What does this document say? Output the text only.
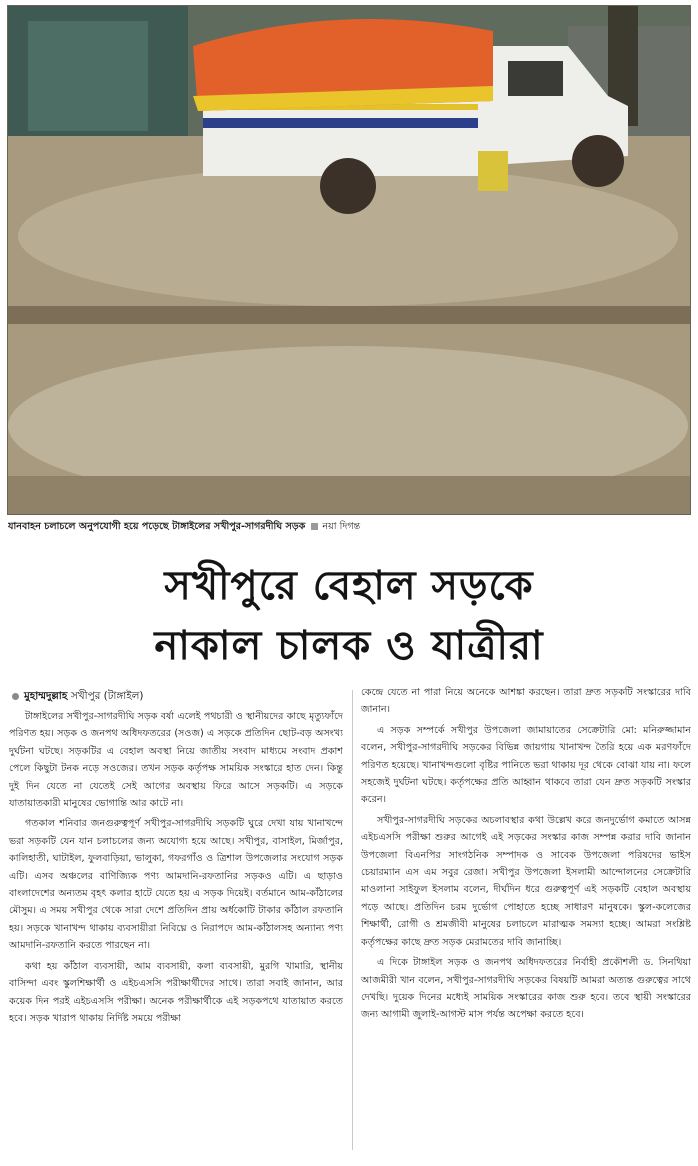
যানবাহন চলাচলে অনুপযোগী হয়ে পড়েছে টাঙ্গাইলের সখীপুর-সাগরদীঘি সড়ক নয়া দিগন্ত
সখীপুরে বেহাল সড়কে
নাকাল চালক ও যাত্রীরা
মুহাম্মদুল্লাহ সখীপুর (টাঙ্গাইল)

টাঙ্গাইলের সখীপুর-সাগরদীঘি সড়ক বর্ষা এলেই পথচারী ও স্থানীয়দের কাছে মৃত্যুফাঁদে পরিণত হয়। সড়ক ও জনপথ অধিদফতরের (সওজ) এ সড়কে প্রতিদিন ছোট-বড় অসংখ্য দুর্ঘটনা ঘটছে। সড়কটির এ বেহাল অবস্থা নিয়ে জাতীয় সংবাদ মাধ্যমে সংবাদ প্রকাশ পেলে কিছুটা টনক নড়ে সওজের। তখন সড়ক কর্তৃপক্ষ সাময়িক সংস্কারে হাত দেন। কিন্তু দুই দিন যেতে না যেতেই সেই আগের অবস্থায় ফিরে আসে সড়কটি। এ সড়কে যাতায়াতকারী মানুষের ভোগান্তি আর কাটে না।

গতকাল শনিবার জনগুরুত্বপূর্ণ সখীপুর-সাগরদীঘি সড়কটি ঘুরে দেখা যায় খানাখন্দে ভরা সড়কটি যেন যান চলাচলের জন্য অযোগ্য হয়ে আছে। সখীপুর, বাসাইল, মির্জাপুর, কালিহাতী, ঘাটাইল, ফুলবাড়িয়া, ভালুকা, গফরগাঁও ও ত্রিশাল উপজেলার সংযোগ সড়ক এটি। এসব অঞ্চলের বাণিজ্যিক পণ্য আমদানি-রফতানির সড়কও এটি। এ ছাড়াও বাংলাদেশের অন্যতম বৃহৎ কলার হাটে যেতে হয় এ সড়ক দিয়েই। বর্তমানে আম-কাঁঠালের মৌসুম। এ সময় সখীপুর থেকে সারা দেশে প্রতিদিন প্রায় অর্ধকোটি টাকার কাঁঠাল রফতানি হয়। সড়কে খানাখন্দ থাকায় ব্যবসায়ীরা নিবিঘ্নে ও নিরাপদে আম-কাঁঠালসহ অন্যান্য পণ্য আমদানি-রফতানি করতে পারছেন না।

কথা হয় কাঁঠাল ব্যবসায়ী, আম ব্যবসায়ী, কলা ব্যবসায়ী, মুরগি খামারি, স্থানীয় বাসিন্দা এবং স্কুলশিক্ষার্থী ও এইচএসসি পরীক্ষার্থীদের সাথে। তারা সবাই জানান, আর কয়েক দিন পরই এইচএসসি পরীক্ষা। অনেক পরীক্ষার্থীকে এই সড়কপথে যাতায়াত করতে হবে। সড়ক খারাপ থাকায় নির্দিষ্ট সময়ে পরীক্ষা

কেন্দ্রে যেতে না পারা নিয়ে অনেকে আশঙ্কা করছেন। তারা দ্রুত সড়কটি সংস্কারের দাবি জানান।

এ সড়ক সম্পর্কে সখীপুর উপজেলা জামায়াতের সেক্রেটারি মো: মনিরুজ্জামান বলেন, সখীপুর-সাগরদীঘি সড়কের বিভিন্ন জায়গায় খানাখন্দ তৈরি হয়ে এক মরণফাঁদে পরিণত হয়েছে। খানাখন্দগুলো বৃষ্টির পানিতে ভরা থাকায় দূর থেকে বোঝা যায় না। ফলে সহজেই দুর্ঘটনা ঘটছে। কর্তৃপক্ষের প্রতি আহ্বান থাকবে তারা যেন দ্রুত সড়কটি সংস্কার করেন।

সখীপুর-সাগরদীঘি সড়কের অচলাবস্থার কথা উল্লেখ করে জনদুর্ভোগ কমাতে আসন্ন এইচএসসি পরীক্ষা শুরুর আগেই এই সড়কের সংস্কার কাজ সম্পন্ন করার দাবি জানান উপজেলা বিএনপির সাংগঠনিক সম্পাদক ও সাবেক উপজেলা পরিষদের ভাইস চেয়ারম্যান এস এম সবুর রেজা। সখীপুর উপজেলা ইসলামী আন্দোলনের সেক্রেটারি মাওলানা সাইফুল ইসলাম বলেন, দীর্ঘদিন ধরে গুরুত্বপূর্ণ এই সড়কটি বেহাল অবস্থায় পড়ে আছে। প্রতিদিন চরম দুর্ভোগ পোহাতে হচ্ছে সাধারণ মানুষকে। স্কুল-কলেজের শিক্ষার্থী, রোগী ও শ্রমজীবী মানুষের চলাচলে মারাত্মক সমস্যা হচ্ছে। আমরা সংশ্লিষ্ট কর্তৃপক্ষের কাছে দ্রুত সড়ক মেরামতের দাবি জানাচ্ছি।

এ দিকে টাঙ্গাইল সড়ক ও জনপথ অধিদফতরের নির্বাহী প্রকৌশলী ড. সিনথিয়া আজমীরী খান বলেন, সখীপুর-সাগরদীঘি সড়কের বিষয়টি আমরা অত্যন্ত গুরুত্বের সাথে দেখছি। দুয়েক দিনের মধ্যেই সাময়িক সংস্কারের কাজ শুরু হবে। তবে স্থায়ী সংস্কারের জন্য আগামী জুলাই-আগস্ট মাস পর্যন্ত অপেক্ষা করতে হবে।
